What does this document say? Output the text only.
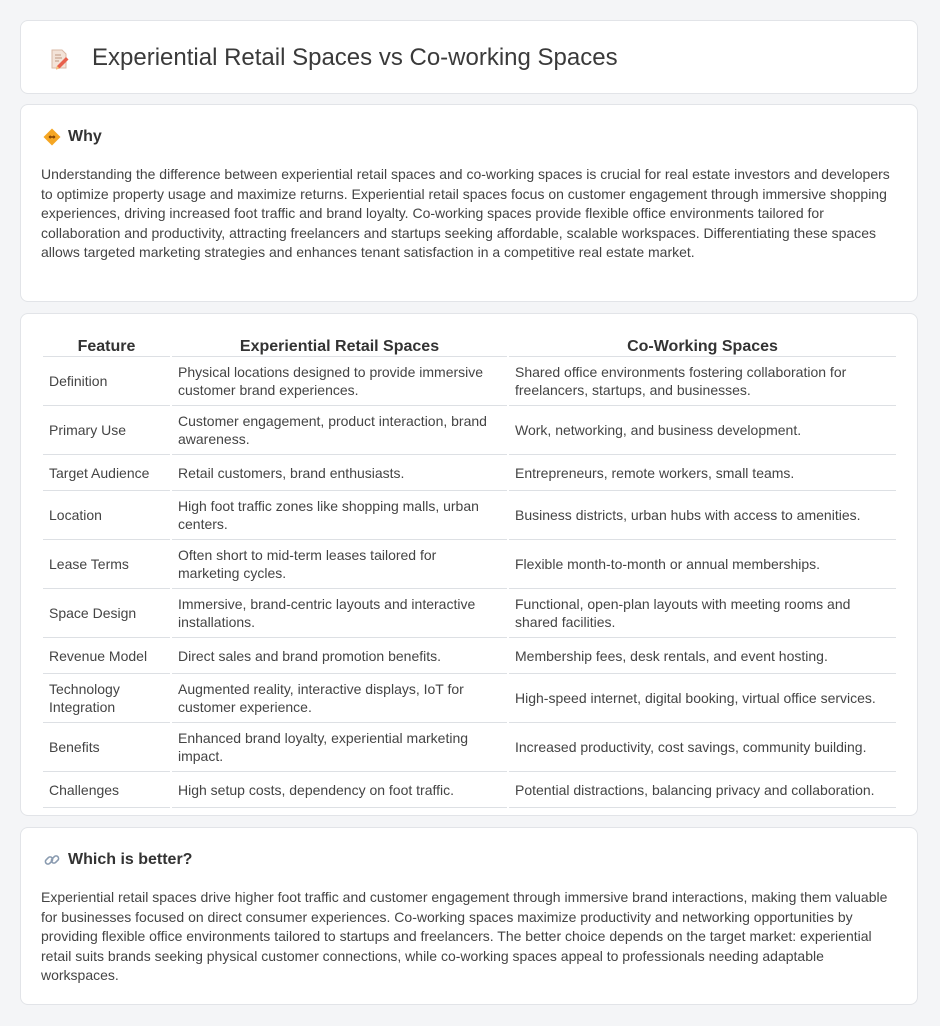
Experiential Retail Spaces vs Co-working Spaces
Why

Understanding the difference between experiential retail spaces and co-working spaces is crucial for real estate investors and developers to optimize property usage and maximize returns. Experiential retail spaces focus on customer engagement through immersive shopping experiences, driving increased foot traffic and brand loyalty. Co-working spaces provide flexible office environments tailored for collaboration and productivity, attracting freelancers and startups seeking affordable, scalable workspaces. Differentiating these spaces allows targeted marketing strategies and enhances tenant satisfaction in a competitive real estate market.

Feature	Experiential Retail Spaces	Co-Working Spaces
Definition	Physical locations designed to provide immersive customer brand experiences.	Shared office environments fostering collaboration for freelancers, startups, and businesses.
Primary Use	Customer engagement, product interaction, brand awareness.	Work, networking, and business development.
Target Audience	Retail customers, brand enthusiasts.	Entrepreneurs, remote workers, small teams.
Location	High foot traffic zones like shopping malls, urban centers.	Business districts, urban hubs with access to amenities.
Lease Terms	Often short to mid-term leases tailored for marketing cycles.	Flexible month-to-month or annual memberships.
Space Design	Immersive, brand-centric layouts and interactive installations.	Functional, open-plan layouts with meeting rooms and shared facilities.
Revenue Model	Direct sales and brand promotion benefits.	Membership fees, desk rentals, and event hosting.
Technology Integration	Augmented reality, interactive displays, IoT for customer experience.	High-speed internet, digital booking, virtual office services.
Benefits	Enhanced brand loyalty, experiential marketing impact.	Increased productivity, cost savings, community building.
Challenges	High setup costs, dependency on foot traffic.	Potential distractions, balancing privacy and collaboration.
Which is better?

Experiential retail spaces drive higher foot traffic and customer engagement through immersive brand interactions, making them valuable for businesses focused on direct consumer experiences. Co-working spaces maximize productivity and networking opportunities by providing flexible office environments tailored to startups and freelancers. The better choice depends on the target market: experiential retail suits brands seeking physical customer connections, while co-working spaces appeal to professionals needing adaptable workspaces.
